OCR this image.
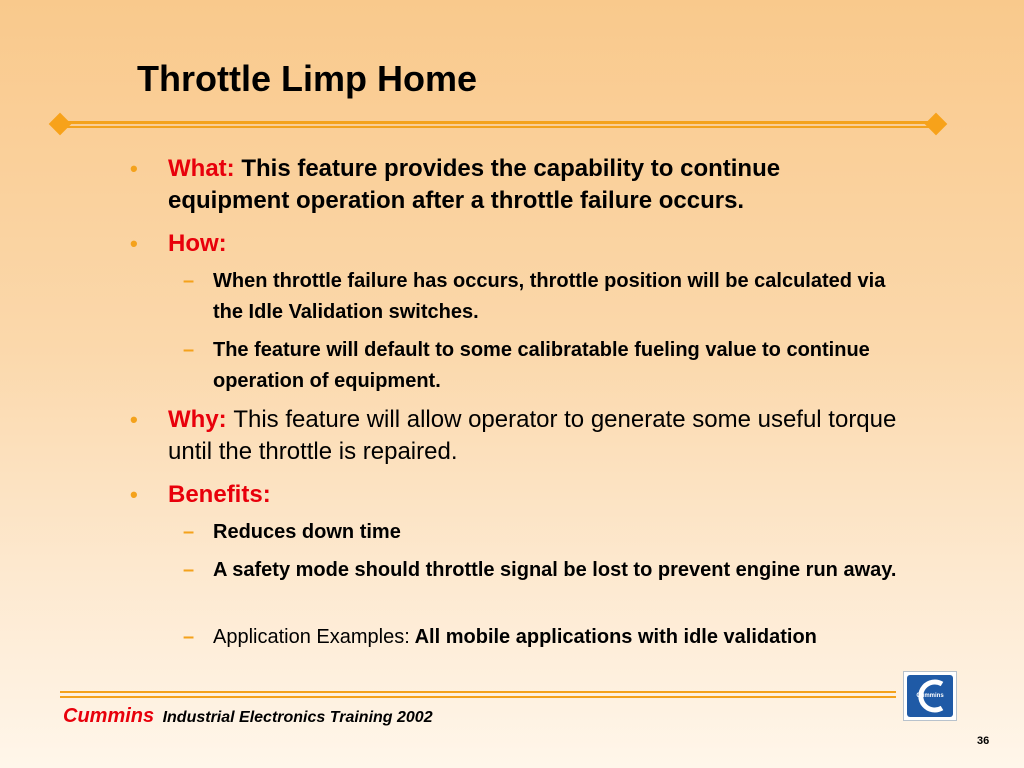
Throttle Limp Home
• What: This feature provides the capability to continue equipment operation after a throttle failure occurs.
• How:
– When throttle failure has occurs, throttle position will be calculated via the Idle Validation switches.
– The feature will default to some calibratable fueling value to continue operation of equipment.
• Why: This feature will allow operator to generate some useful torque until the throttle is repaired.
• Benefits:
– Reduces down time
– A safety mode should throttle signal be lost to prevent engine run away.
– Application Examples: All mobile applications with idle validation
Cummins Industrial Electronics Training 2002
Cummins
36
